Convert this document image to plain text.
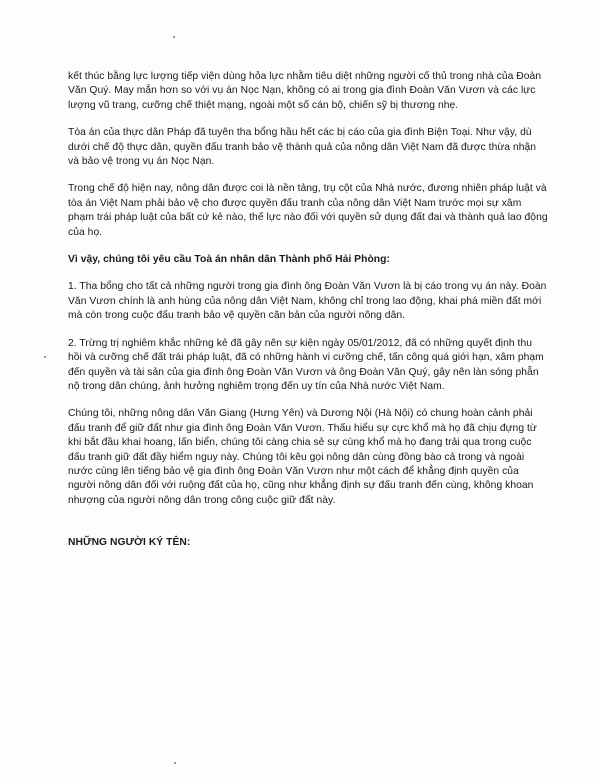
kết thúc bằng lực lượng tiếp viện dùng hỏa lực nhằm tiêu diệt những người cố thủ trong nhà của Đoàn Văn Quý. May mắn hơn so với vụ án Nọc Nạn, không có ai trong gia đình Đoàn Văn Vươn và các lực lượng vũ trang, cưỡng chế thiệt mạng, ngoài một số cán bộ, chiến sỹ bị thương nhẹ.

Tòa án của thực dân Pháp đã tuyên tha bổng hầu hết các bị cáo của gia đình Biện Toại. Như vậy, dù dưới chế độ thực dân, quyền đấu tranh bảo vệ thành quả của nông dân Việt Nam đã được thừa nhận và bảo vệ trong vụ án Nọc Nạn.

Trong chế độ hiện nay, nông dân được coi là nền tảng, trụ cột của Nhà nước, đương nhiên pháp luật và tòa án Việt Nam phải bảo vệ cho được quyền đấu tranh của nông dân Việt Nam trước mọi sự xâm phạm trái pháp luật của bất cứ kẻ nào, thế lực nào đối với quyền sử dụng đất đai và thành quả lao động của họ.

Vì vậy, chúng tôi yêu cầu Toà án nhân dân Thành phố Hải Phòng:

1. Tha bổng cho tất cả những người trong gia đình ông Đoàn Văn Vươn là bị cáo trong vụ án này. Đoàn Văn Vươn chính là anh hùng của nông dân Việt Nam, không chỉ trong lao động, khai phá miền đất mới mà còn trong cuộc đấu tranh bảo vệ quyền căn bản của người nông dân.

2. Trừng trị nghiêm khắc những kẻ đã gây nên sự kiện ngày 05/01/2012, đã có những quyết định thu hồi và cưỡng chế đất trái pháp luật, đã có những hành vi cưỡng chế, tấn công quá giới hạn, xâm phạm đến quyền và tài sản của gia đình ông Đoàn Văn Vươn và ông Đoàn Văn Quý, gây nên làn sóng phẫn nộ trong dân chúng, ảnh hưởng nghiêm trọng đến uy tín của Nhà nước Việt Nam.

Chúng tôi, những nông dân Văn Giang (Hưng Yên) và Dương Nội (Hà Nội) có chung hoàn cảnh phải đấu tranh để giữ đất như gia đình ông Đoàn Văn Vươn. Thấu hiểu sự cực khổ mà họ đã chịu đựng từ khi bắt đầu khai hoang, lấn biển, chúng tôi càng chia sẻ sự cùng khổ mà họ đang trải qua trong cuộc đấu tranh giữ đất đầy hiểm nguy này. Chúng tôi kêu gọi nông dân cùng đồng bào cả trong và ngoài nước cùng lên tiếng bảo vệ gia đình ông Đoàn Văn Vươn như một cách để khẳng định quyền của người nông dân đối với ruộng đất của họ, cũng như khẳng định sự đấu tranh đến cùng, không khoan nhượng của người nông dân trong công cuộc giữ đất này.

NHỮNG NGƯỜI KÝ TÊN:
